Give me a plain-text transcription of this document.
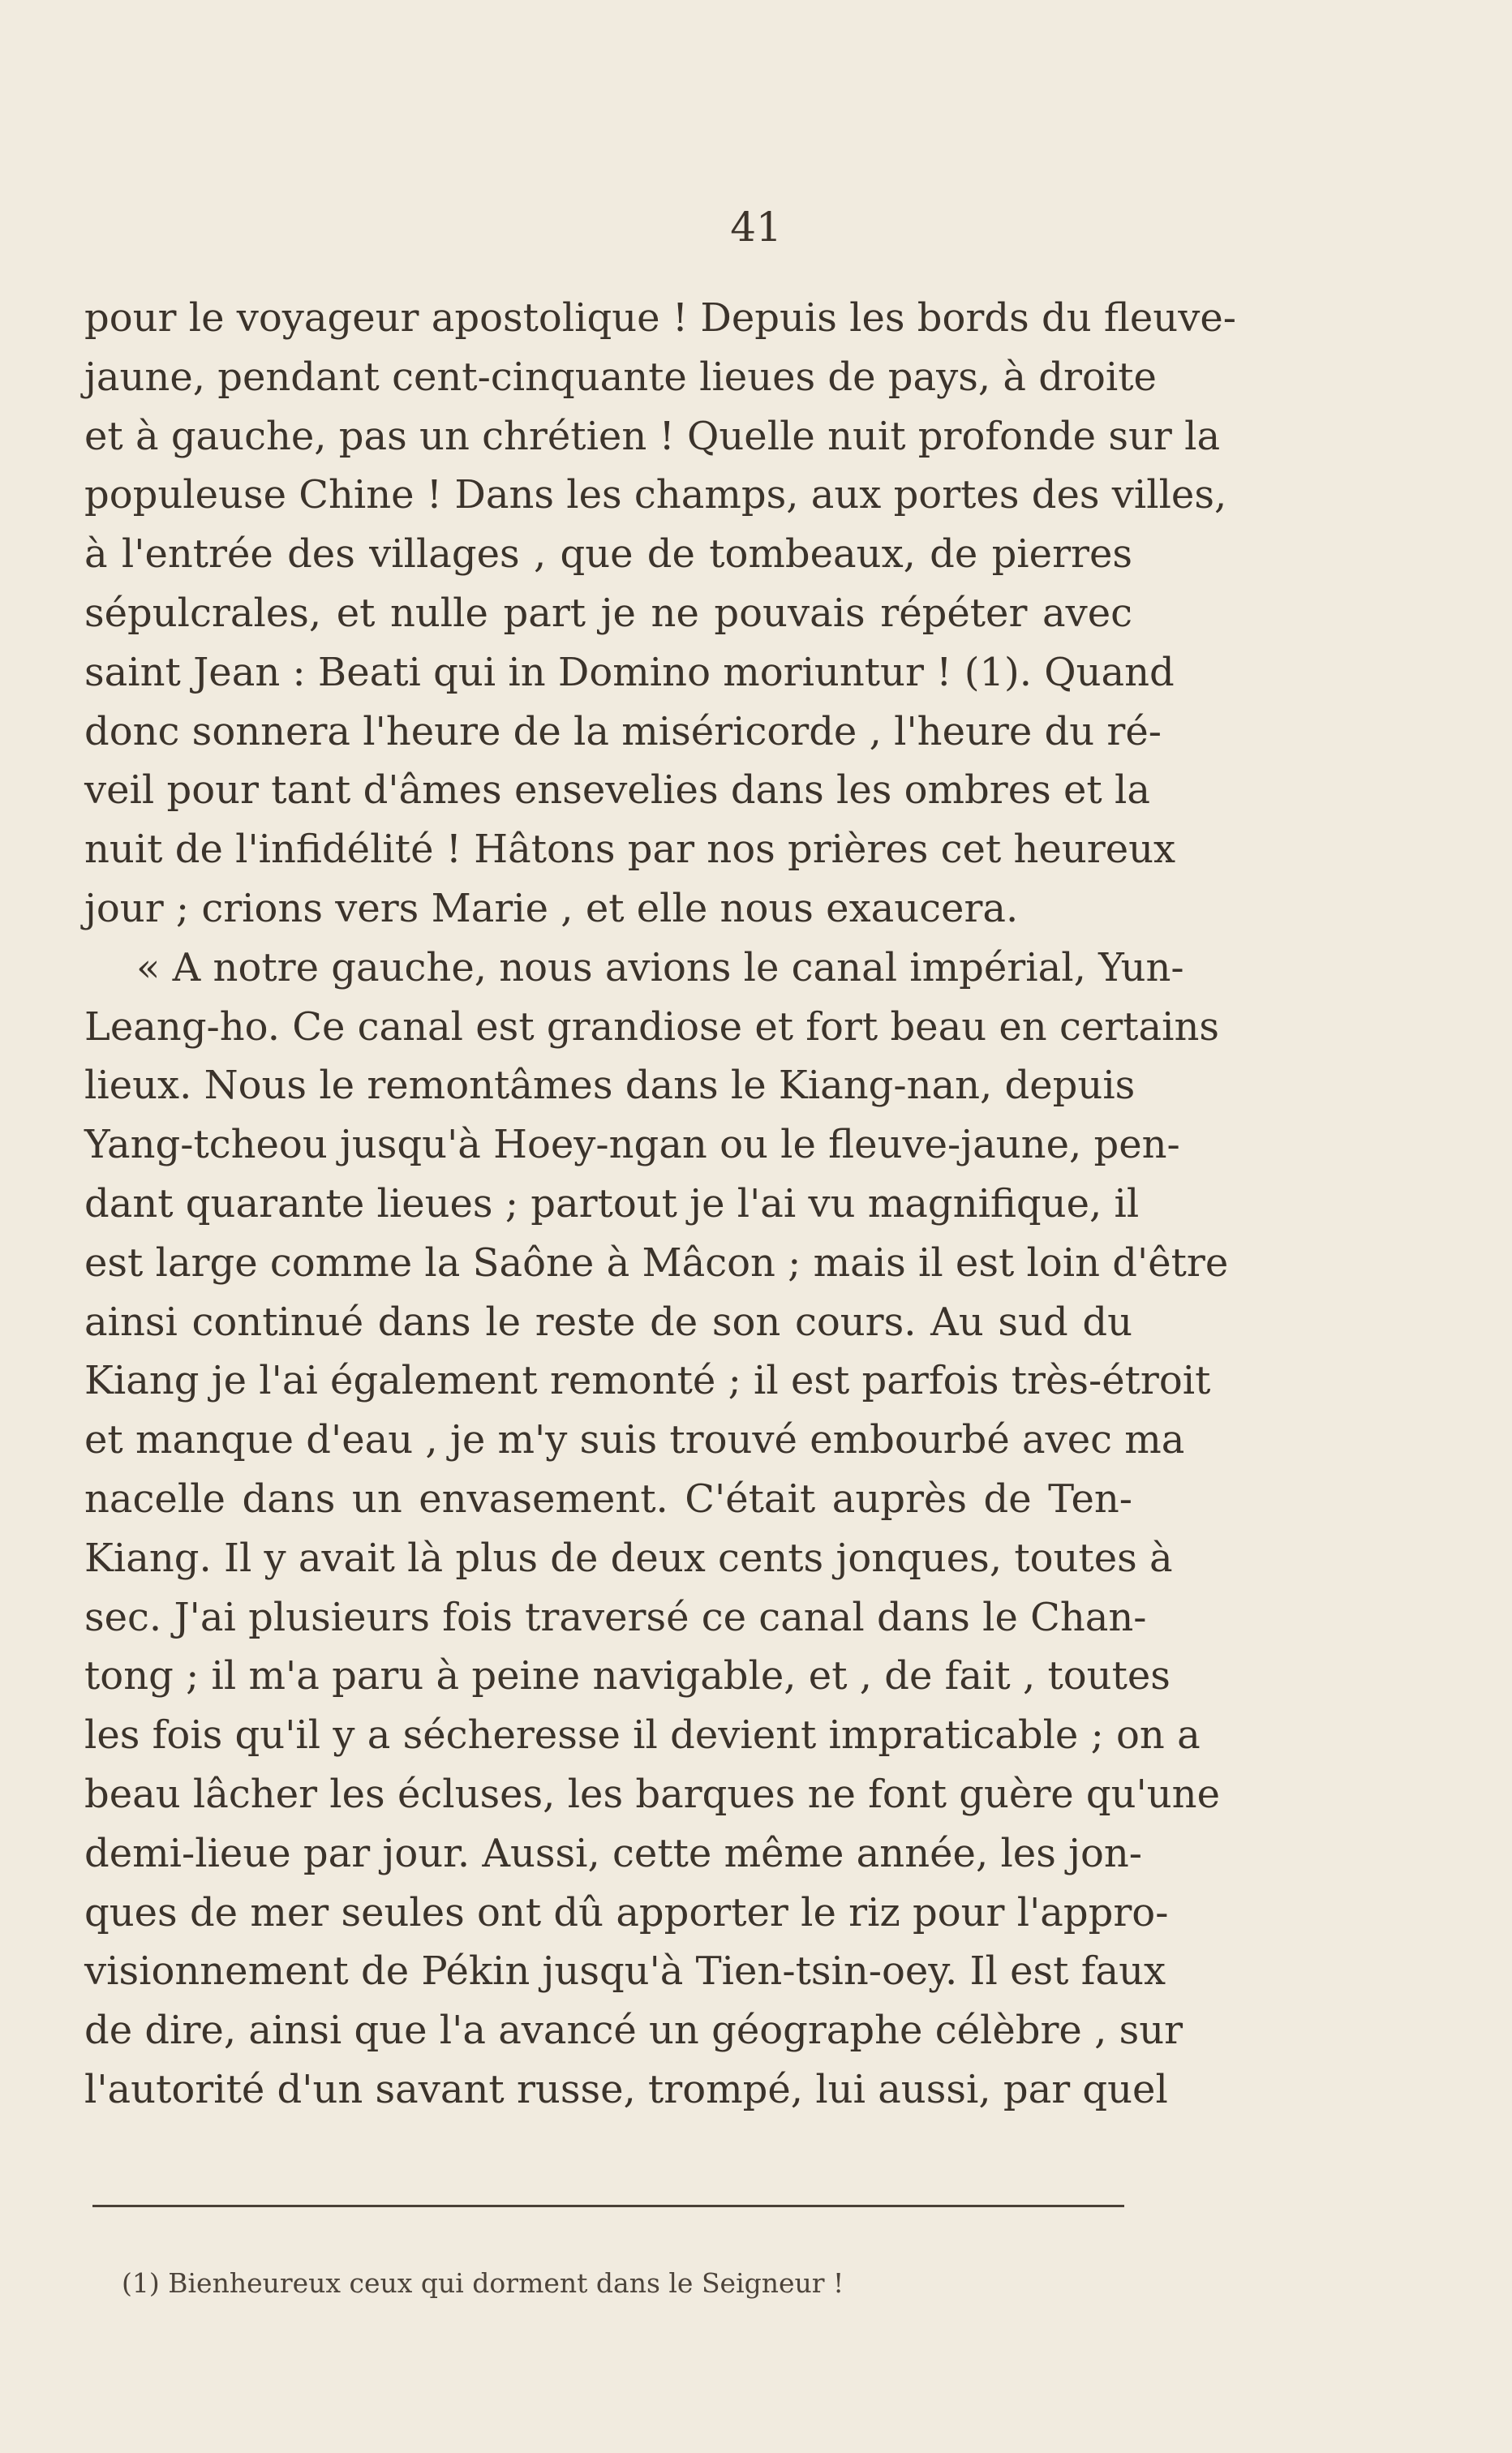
41
pour le voyageur apostolique ! Depuis les bords du fleuve-
jaune, pendant cent-cinquante lieues de pays, à droite
et à gauche, pas un chrétien ! Quelle nuit profonde sur la
populeuse Chine ! Dans les champs, aux portes des villes,
à l'entrée des villages , que de tombeaux, de pierres
sépulcrales, et nulle part je ne pouvais répéter avec
saint Jean : Beati qui in Domino moriuntur ! (1). Quand
donc sonnera l'heure de la miséricorde , l'heure du ré-
veil pour tant d'âmes ensevelies dans les ombres et la
nuit de l'infidélité ! Hâtons par nos prières cet heureux
jour ; crions vers Marie , et elle nous exaucera.
« A notre gauche, nous avions le canal impérial, Yun-
Leang-ho. Ce canal est grandiose et fort beau en certains
lieux. Nous le remontâmes dans le Kiang-nan, depuis
Yang-tcheou jusqu'à Hoey-ngan ou le fleuve-jaune, pen-
dant quarante lieues ; partout je l'ai vu magnifique, il
est large comme la Saône à Mâcon ; mais il est loin d'être
ainsi continué dans le reste de son cours. Au sud du
Kiang je l'ai également remonté ; il est parfois très-étroit
et manque d'eau , je m'y suis trouvé embourbé avec ma
nacelle dans un envasement. C'était auprès de Ten-
Kiang. Il y avait là plus de deux cents jonques, toutes à
sec. J'ai plusieurs fois traversé ce canal dans le Chan-
tong ; il m'a paru à peine navigable, et , de fait , toutes
les fois qu'il y a sécheresse il devient impraticable ; on a
beau lâcher les écluses, les barques ne font guère qu'une
demi-lieue par jour. Aussi, cette même année, les jon-
ques de mer seules ont dû apporter le riz pour l'appro-
visionnement de Pékin jusqu'à Tien-tsin-oey. Il est faux
de dire, ainsi que l'a avancé un géographe célèbre , sur
l'autorité d'un savant russe, trompé, lui aussi, par quel
(1) Bienheureux ceux qui dorment dans le Seigneur !
